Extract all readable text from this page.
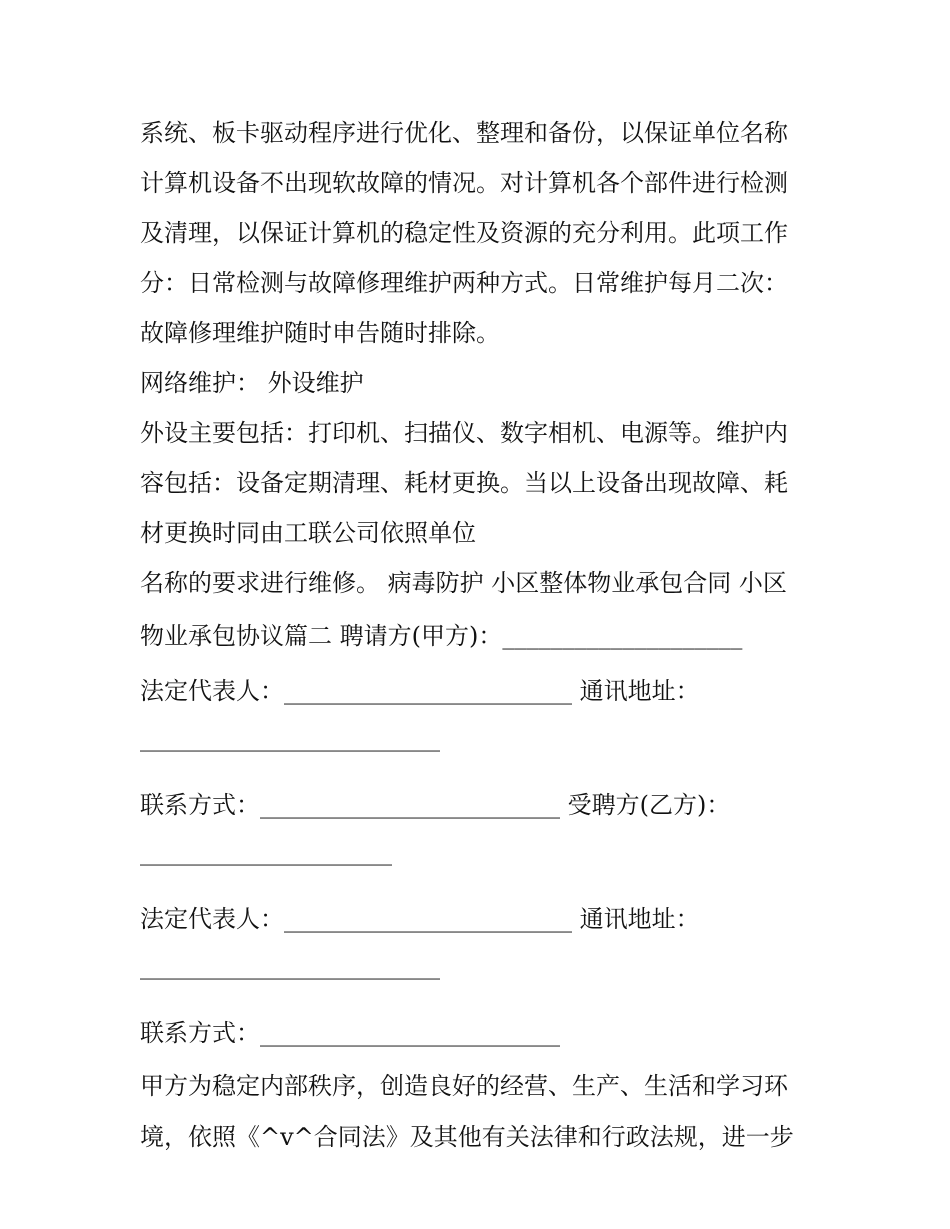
系统、板卡驱动程序进行优化、整理和备份，以保证单位名称
计算机设备不出现软故障的情况。对计算机各个部件进行检测
及清理，以保证计算机的稳定性及资源的充分利用。此项工作
分：日常检测与故障修理维护两种方式。日常维护每月二次：
故障修理维护随时申告随时排除。
网络维护： 外设维护
外设主要包括：打印机、扫描仪、数字相机、电源等。维护内
容包括：设备定期清理、耗材更换。当以上设备出现故障、耗
材更换时同由工联公司依照单位
名称的要求进行维修。 病毒防护 小区整体物业承包合同 小区
物业承包协议篇二 聘请方(甲方)：____________________
法定代表人：________________________ 通讯地址：
_________________________
联系方式：_________________________ 受聘方(乙方)：
_____________________
法定代表人：________________________ 通讯地址：
_________________________
联系方式：_________________________
甲方为稳定内部秩序，创造良好的经营、生产、生活和学习环
境，依照《^v^合同法》及其他有关法律和行政法规，进一步
